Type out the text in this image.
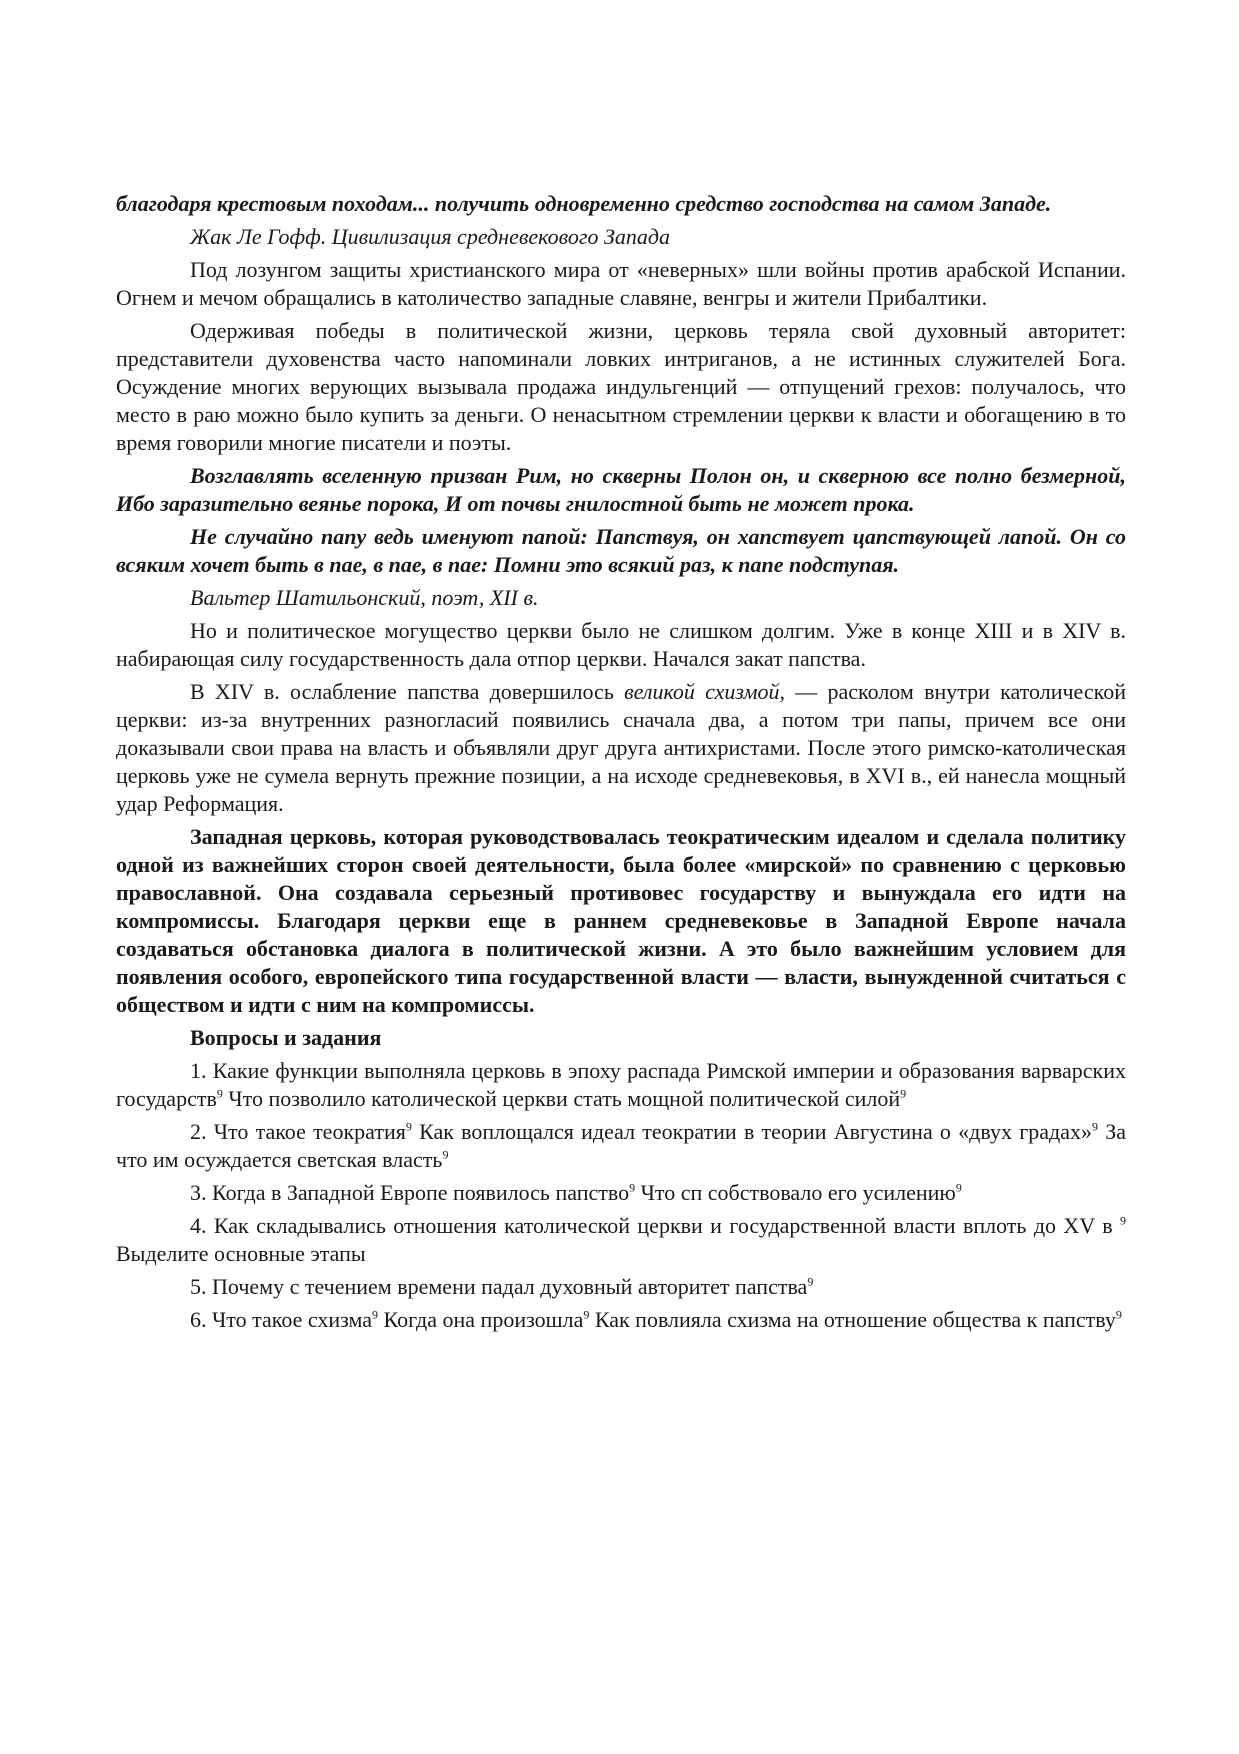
благодаря крестовым походам... получить одновременно средство господства на самом Западе.

Жак Ле Гофф. Цивилизация средневекового Запада

Под лозунгом защиты христианского мира от «неверных» шли войны против арабской Испании. Огнем и мечом обращались в католичество западные славяне, венгры и жители Прибалтики.

Одерживая победы в политической жизни, церковь теряла свой духовный авторитет: представители духовенства часто напоминали ловких интриганов, а не истинных служителей Бога. Осуждение многих верующих вызывала продажа индульгенций — отпущений грехов: получалось, что место в раю можно было купить за деньги. О ненасытном стремлении церкви к власти и обогащению в то время говорили многие писатели и поэты.

Возглавлять вселенную призван Рим, но скверны Полон он, и скверною все полно безмерной, Ибо заразительно веянье порока, И от почвы гнилостной быть не может прока.

Не случайно папу ведь именуют папой: Папствуя, он хапствует цапствующей лапой. Он со всяким хочет быть в пае, в пае, в пае: Помни это всякий раз, к папе подступая.

Вальтер Шатильонский, поэт, XII в.

Но и политическое могущество церкви было не слишком долгим. Уже в конце XIII и в XIV в. набирающая силу государственность дала отпор церкви. Начался закат папства.

В XIV в. ослабление папства довершилось великой схизмой, — расколом внутри католической церкви: из-за внутренних разногласий появились сначала два, а потом три папы, причем все они доказывали свои права на власть и объявляли друг друга антихристами. После этого римско-католическая церковь уже не сумела вернуть прежние позиции, а на исходе средневековья, в XVI в., ей нанесла мощный удар Реформация.

Западная церковь, которая руководствовалась теократическим идеалом и сделала политику одной из важнейших сторон своей деятельности, была более «мирской» по сравнению с церковью православной. Она создавала серьезный противовес государству и вынуждала его идти на компромиссы. Благодаря церкви еще в раннем средневековье в Западной Европе начала создаваться обстановка диалога в политической жизни. А это было важнейшим условием для появления особого, европейского типа государственной власти — власти, вынужденной считаться с обществом и идти с ним на компромиссы.

Вопросы и задания

1. Какие функции выполняла церковь в эпоху распада Римской империи и образования варварских государств$^9$ Что позволило католической церкви стать мощной политической силой$^9$

2. Что такое теократия$^9$ Как воплощался идеал теократии в теории Августина о «двух градах»$^9$ За что им осуждается светская власть$^9$

3. Когда в Западной Европе появилось папство$^9$ Что сп собствовало его усилению$^9$

4. Как складывались отношения католической церкви и государственной власти вплоть до XV в $^9$ Выделите основные этапы

5. Почему с течением времени падал духовный авторитет папства$^9$

6. Что такое схизма$^9$ Когда она произошла$^9$ Как повлияла схизма на отношение общества к папству$^9$
